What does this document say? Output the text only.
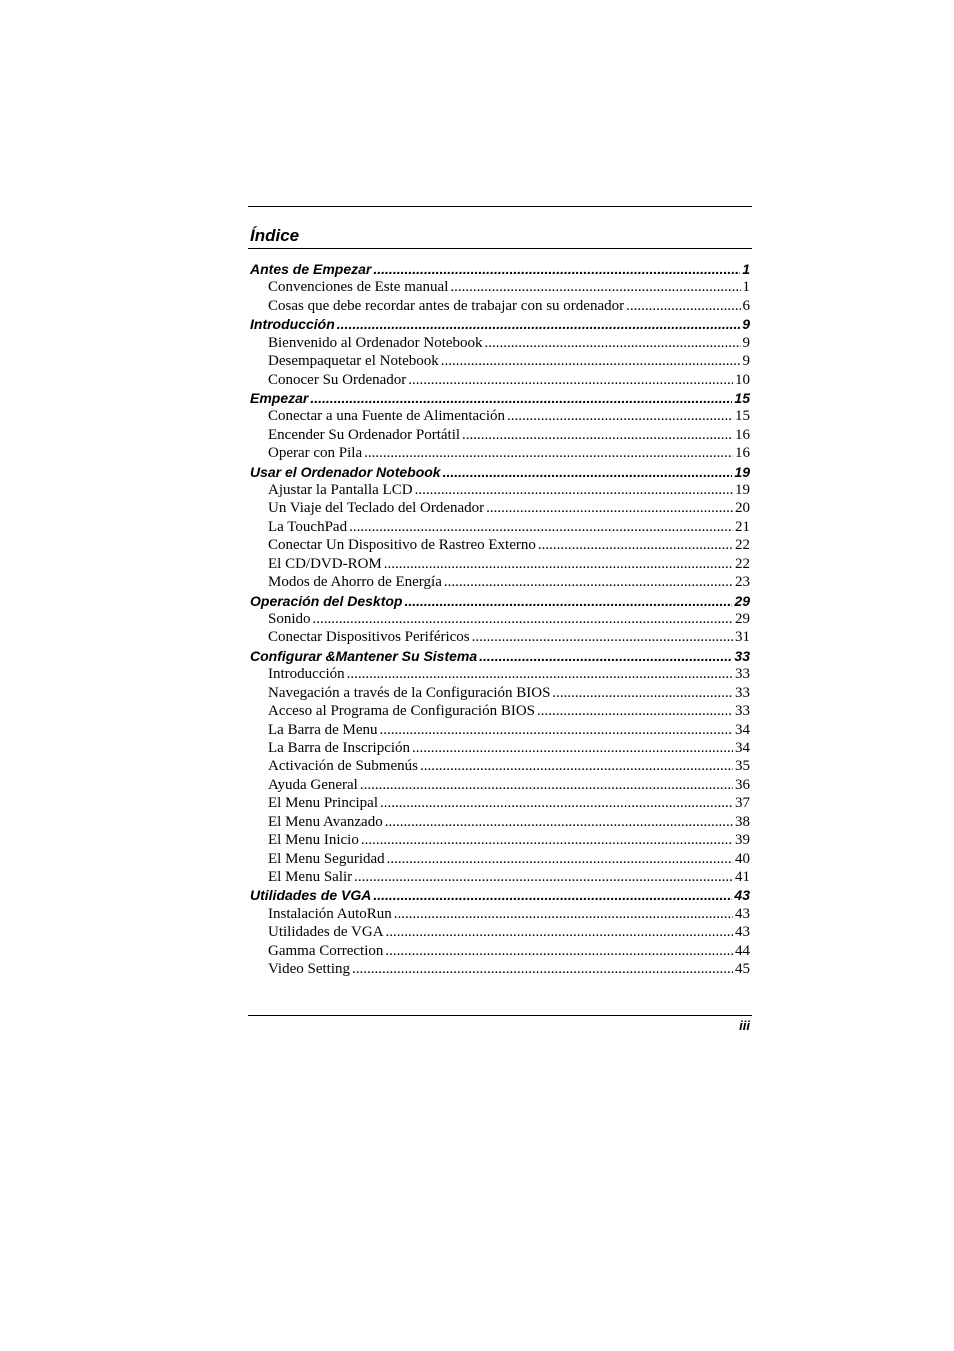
Índice
Antes de Empezar .....	1
Convenciones de Este manual .....	1
Cosas que debe recordar antes de trabajar con su ordenador .....	6
Introducción .....	9
Bienvenido al Ordenador Notebook .....	9
Desempaquetar el Notebook .....	9
Conocer Su Ordenador .....	10
Empezar .....	15
Conectar a una Fuente de Alimentación .....	15
Encender Su Ordenador Portátil .....	16
Operar con Pila .....	16
Usar el Ordenador Notebook .....	19
Ajustar la Pantalla LCD .....	19
Un Viaje del Teclado del Ordenador .....	20
La TouchPad .....	21
Conectar Un Dispositivo de Rastreo Externo .....	22
El CD/DVD-ROM .....	22
Modos de Ahorro de Energía .....	23
Operación del Desktop .....	29
Sonido .....	29
Conectar Dispositivos Periféricos .....	31
Configurar &Mantener Su Sistema .....	33
Introducción .....	33
Navegación a través de la Configuración BIOS .....	33
Acceso al Programa de Configuración BIOS .....	33
La Barra de Menu .....	34
La Barra de Inscripción .....	34
Activación de Submenús .....	35
Ayuda General .....	36
El Menu Principal .....	37
El Menu Avanzado .....	38
El Menu Inicio .....	39
El Menu Seguridad .....	40
El Menu Salir .....	41
Utilidades de VGA .....	43
Instalación AutoRun .....	43
Utilidades de VGA .....	43
Gamma Correction .....	44
Video Setting .....	45
iii
